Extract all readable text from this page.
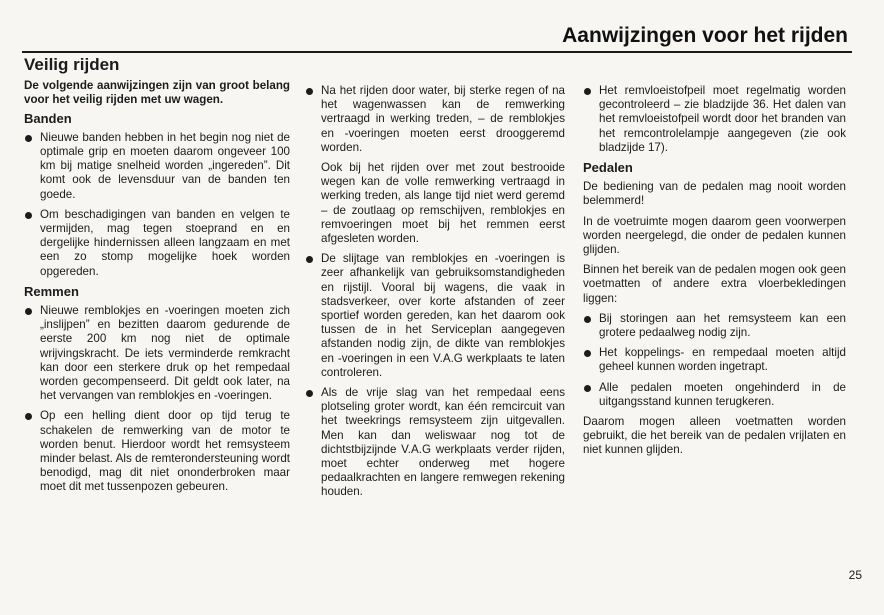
Aanwijzingen voor het rijden
Veilig rijden
De volgende aanwijzingen zijn van groot belang voor het veilig rijden met uw wagen.
Banden

Nieuwe banden hebben in het begin nog niet de optimale grip en moeten daarom ongeveer 100 km bij matige snelheid worden „ingereden”. Dit komt ook de levensduur van de banden ten goede.

Om beschadigingen van banden en velgen te vermijden, mag tegen stoeprand en en dergelijke hindernissen alleen langzaam en met een zo stomp mogelijke hoek worden opgereden.

Remmen

Nieuwe remblokjes en -voeringen moeten zich „inslijpen” en bezitten daarom gedurende de eerste 200 km nog niet de optimale wrijvingskracht. De iets verminderde remkracht kan door een sterkere druk op het rempedaal worden gecompenseerd. Dit geldt ook later, na het vervangen van remblokjes en -voeringen.

Op een helling dient door op tijd terug te schakelen de remwerking van de motor te worden benut. Hierdoor wordt het remsysteem minder belast. Als de remterondersteuning wordt benodigd, mag dit niet ononderbroken maar moet dit met tussenpozen gebeuren.

Na het rijden door water, bij sterke regen of na het wagenwassen kan de remwerking vertraagd in werking treden, – de remblokjes en -voeringen moeten eerst drooggeremd worden.

Ook bij het rijden over met zout bestrooide wegen kan de volle remwerking vertraagd in werking treden, als lange tijd niet werd geremd – de zoutlaag op remschijven, remblokjes en remvoeringen moet bij het remmen eerst afgesleten worden.

De slijtage van remblokjes en -voeringen is zeer afhankelijk van gebruiksomstandigheden en rijstijl. Vooral bij wagens, die vaak in stadsverkeer, over korte afstanden of zeer sportief worden gereden, kan het daarom ook tussen de in het Serviceplan aangegeven afstanden nodig zijn, de dikte van remblokjes en -voeringen in een V.A.G werkplaats te laten controleren.

Als de vrije slag van het rempedaal eens plotseling groter wordt, kan één remcircuit van het tweekrings remsysteem zijn uitgevallen. Men kan dan weliswaar nog tot de dichtstbijzijnde V.A.G werkplaats verder rijden, moet echter onderweg met hogere pedaalkrachten en langere remwegen rekening houden.

Het remvloeistofpeil moet regelmatig worden gecontroleerd – zie bladzijde 36. Het dalen van het remvloeistofpeil wordt door het branden van het remcontrolelampje aangegeven (zie ook bladzijde 17).

Pedalen

De bediening van de pedalen mag nooit worden belemmerd!

In de voetruimte mogen daarom geen voorwerpen worden neergelegd, die onder de pedalen kunnen glijden.

Binnen het bereik van de pedalen mogen ook geen voetmatten of andere extra vloerbekledingen liggen:

Bij storingen aan het remsysteem kan een grotere pedaalweg nodig zijn.

Het koppelings- en rempedaal moeten altijd geheel kunnen worden ingetrapt.

Alle pedalen moeten ongehinderd in de uitgangsstand kunnen terugkeren.

Daarom mogen alleen voetmatten worden gebruikt, die het bereik van de pedalen vrijlaten en niet kunnen glijden.

25
